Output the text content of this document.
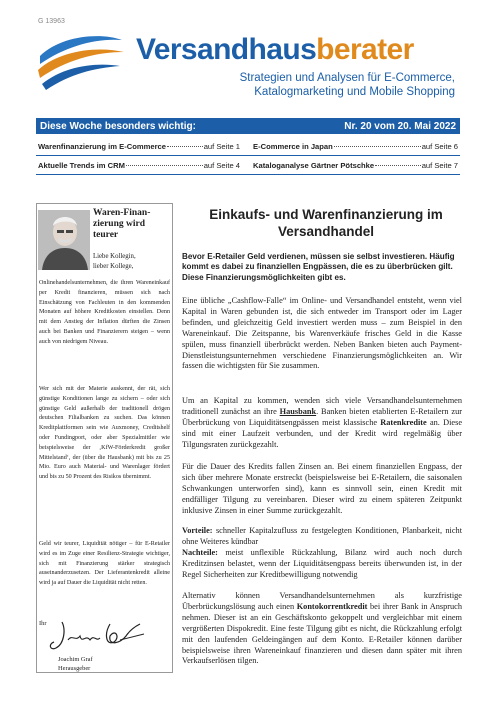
G 13963
Versandhausberater
Strategien und Analysen für E-Commerce,
Katalogmarketing und Mobile Shopping
Diese Woche besonders wichtig:	Nr. 20 vom 20. Mai 2022
Warenfinanzierung im E-Commerce	auf Seite 1 E-Commerce in Japan	auf Seite 6
Aktuelle Trends im CRM	auf Seite 4 Kataloganalyse Gärtner Pötschke	auf Seite 7
Waren-Finan-
zierung wird
teurer
Liebe Kollegin,
lieber Kollege,
Onlinehandelsunternehmen, die ihren Wareneinkauf per Kredit finanzieren, müssen sich nach Einschätzung von Fachleuten in den kommenden Monaten auf höhere Kreditkosten einstellen. Denn mit dem Anstieg der Inflation dürften die Zinsen auch bei Banken und Finanzierern steigen – wenn auch von niedrigem Niveau.
Wer sich mit der Materie auskennt, der rät, sich günstige Konditionen lange zu sichern – oder sich günstige Geld außerhalb der traditionell drögen deutschen Filialbanken zu suchen. Das können Kreditplattformen sein wie Auxmoney, Creditshelf oder Fundingport, oder aber Spezialmittler wie beispielsweise der ‚KfW-Förderkredit großer Mittelstand‘, der (über die Hausbank) mit bis zu 25 Mio. Euro auch Material- und Warenlager fördert und bis zu 50 Prozent des Risikos übernimmt.
Geld wir teurer, Liquidität nötiger – für E-Retailer wird es im Zuge einer Resilienz-Strategie wichtiger, sich mit Finanzierung stärker strategisch auseinanderzusetzen. Der Lieferantenkredit alleine wird ja auf Dauer die Liquidität nicht retten.
Ihr
Joachim Graf
Herausgeber
Einkaufs- und Warenfinanzierung im
Versandhandel
Bevor E-Retailer Geld verdienen, müssen sie selbst investieren. Häufig kommt es dabei zu finanziellen Engpässen, die es zu überbrücken gilt. Diese Finanzierungsmöglichkeiten gibt es.
Eine übliche „Cashflow-Falle“ im Online- und Versandhandel entsteht, wenn viel Kapital in Waren gebunden ist, die sich entweder im Transport oder im Lager befinden, und gleichzeitig Geld investiert werden muss – zum Beispiel in den Wareneinkauf. Die Zeitspanne, bis Warenverkäufe frisches Geld in die Kasse spülen, muss finanziell überbrückt werden. Neben Banken bieten auch Payment-Dienstleistungsunternehmen verschiedene Finanzierungsmöglichkeiten an. Wir fassen die wichtigsten für Sie zusammen.
Um an Kapital zu kommen, wenden sich viele Versandhandelsunternehmen traditionell zunächst an ihre Hausbank. Banken bieten etablierten E-Retailern zur Überbrückung von Liquiditätsengpässen meist klassische Ratenkredite an. Diese sind mit einer Laufzeit verbunden, und der Kredit wird regelmäßig über Tilgungsraten zurückgezahlt.
Für die Dauer des Kredits fallen Zinsen an. Bei einem finanziellen Engpass, der sich über mehrere Monate erstreckt (beispielsweise bei E-Retailern, die saisonalen Schwankungen unterworfen sind), kann es sinnvoll sein, einen Kredit mit endfälliger Tilgung zu vereinbaren. Dieser wird zu einem späteren Zeitpunkt inklusive Zinsen in einer Summe zurückgezahlt.
Vorteile: schneller Kapitalzufluss zu festgelegten Konditionen, Planbarkeit, nicht ohne Weiteres kündbar
Nachteile: meist unflexible Rückzahlung, Bilanz wird auch noch durch Kreditzinsen belastet, wenn der Liquiditätsengpass bereits überwunden ist, in der Regel Sicherheiten zur Kreditbewilligung notwendig
Alternativ können Versandhandelsunternehmen als kurzfristige Überbrückungslösung auch einen Kontokorrentkredit bei ihrer Bank in Anspruch nehmen. Dieser ist an ein Geschäftskonto gekoppelt und vergleichbar mit einem vergrößerten Dispokredit. Eine feste Tilgung gibt es nicht, die Rückzahlung erfolgt mit den laufenden Geldeingängen auf dem Konto. E-Retailer können darüber beispielsweise ihren Wareneinkauf finanzieren und diesen dann später mit ihren Verkaufserlösen tilgen.
